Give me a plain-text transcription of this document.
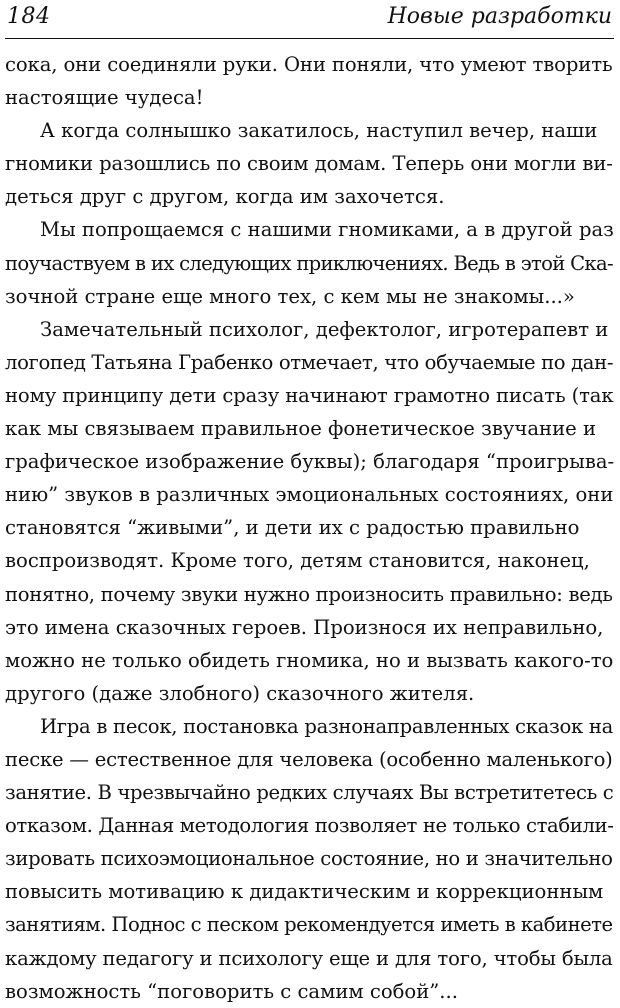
184	Новые разработки
сока, они соединяли руки. Они поняли, что умеют творить
настоящие чудеса!
А когда солнышко закатилось, наступил вечер, наши
гномики разошлись по своим домам. Теперь они могли ви-
деться друг с другом, когда им захочется.
Мы попрощаемся с нашими гномиками, а в другой раз
поучаствуем в их следующих приключениях. Ведь в этой Ска-
зочной стране еще много тех, с кем мы не знакомы...»
Замечательный психолог, дефектолог, игротерапевт и
логопед Татьяна Грабенко отмечает, что обучаемые по дан-
ному принципу дети сразу начинают грамотно писать (так
как мы связываем правильное фонетическое звучание и
графическое изображение буквы); благодаря “проигрыва-
нию” звуков в различных эмоциональных состояниях, они
становятся “живыми”, и дети их с радостью правильно
воспроизводят. Кроме того, детям становится, наконец,
понятно, почему звуки нужно произносить правильно: ведь
это имена сказочных героев. Произнося их неправильно,
можно не только обидеть гномика, но и вызвать какого-то
другого (даже злобного) сказочного жителя.
Игра в песок, постановка разнонаправленных сказок на
песке — естественное для человека (особенно маленького)
занятие. В чрезвычайно редких случаях Вы встретитетесь с
отказом. Данная методология позволяет не только стабили-
зировать психоэмоциональное состояние, но и значительно
повысить мотивацию к дидактическим и коррекционным
занятиям. Поднос с песком рекомендуется иметь в кабинете
каждому педагогу и психологу еще и для того, чтобы была
возможность “поговорить с самим собой”...
